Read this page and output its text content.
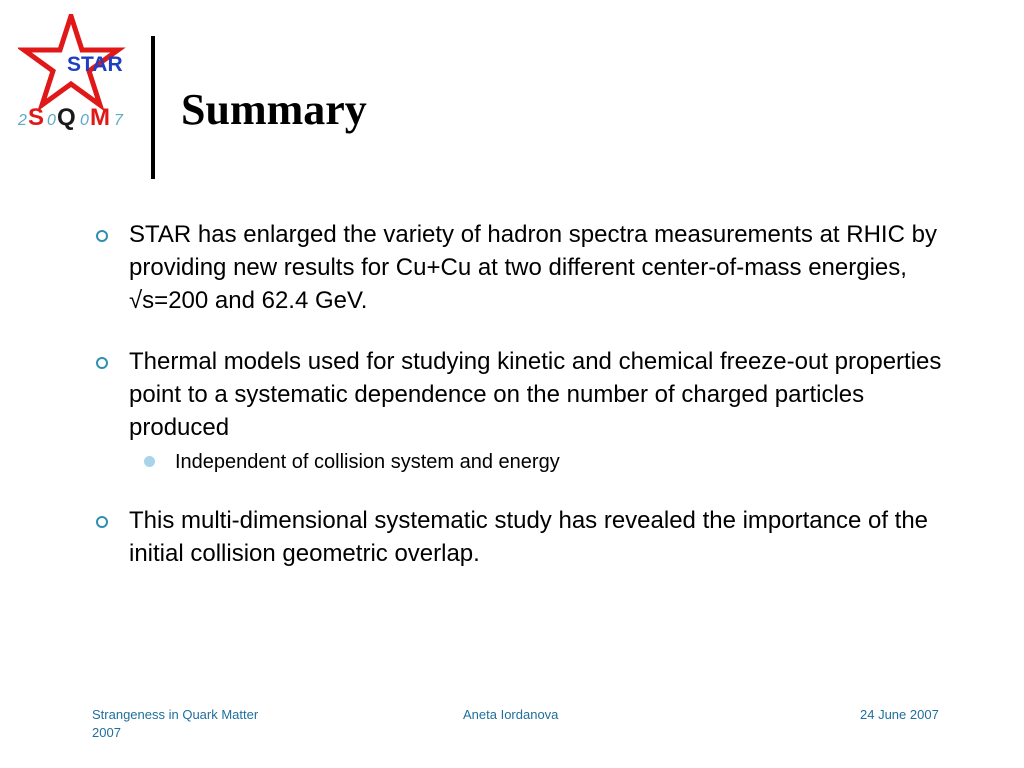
STAR
2 S 0 Q 0 M 7 Summary
STAR has enlarged the variety of hadron spectra measurements at RHIC by providing new results for Cu+Cu at two different center-of-mass energies, √s=200 and 62.4 GeV.
Thermal models used for studying kinetic and chemical freeze-out properties point to a systematic dependence on the number of charged particles produced
Independent of collision system and energy
This multi-dimensional systematic study has revealed the importance of the initial collision geometric overlap.
Strangeness in Quark Matter 2007
Aneta Iordanova	24 June 2007
